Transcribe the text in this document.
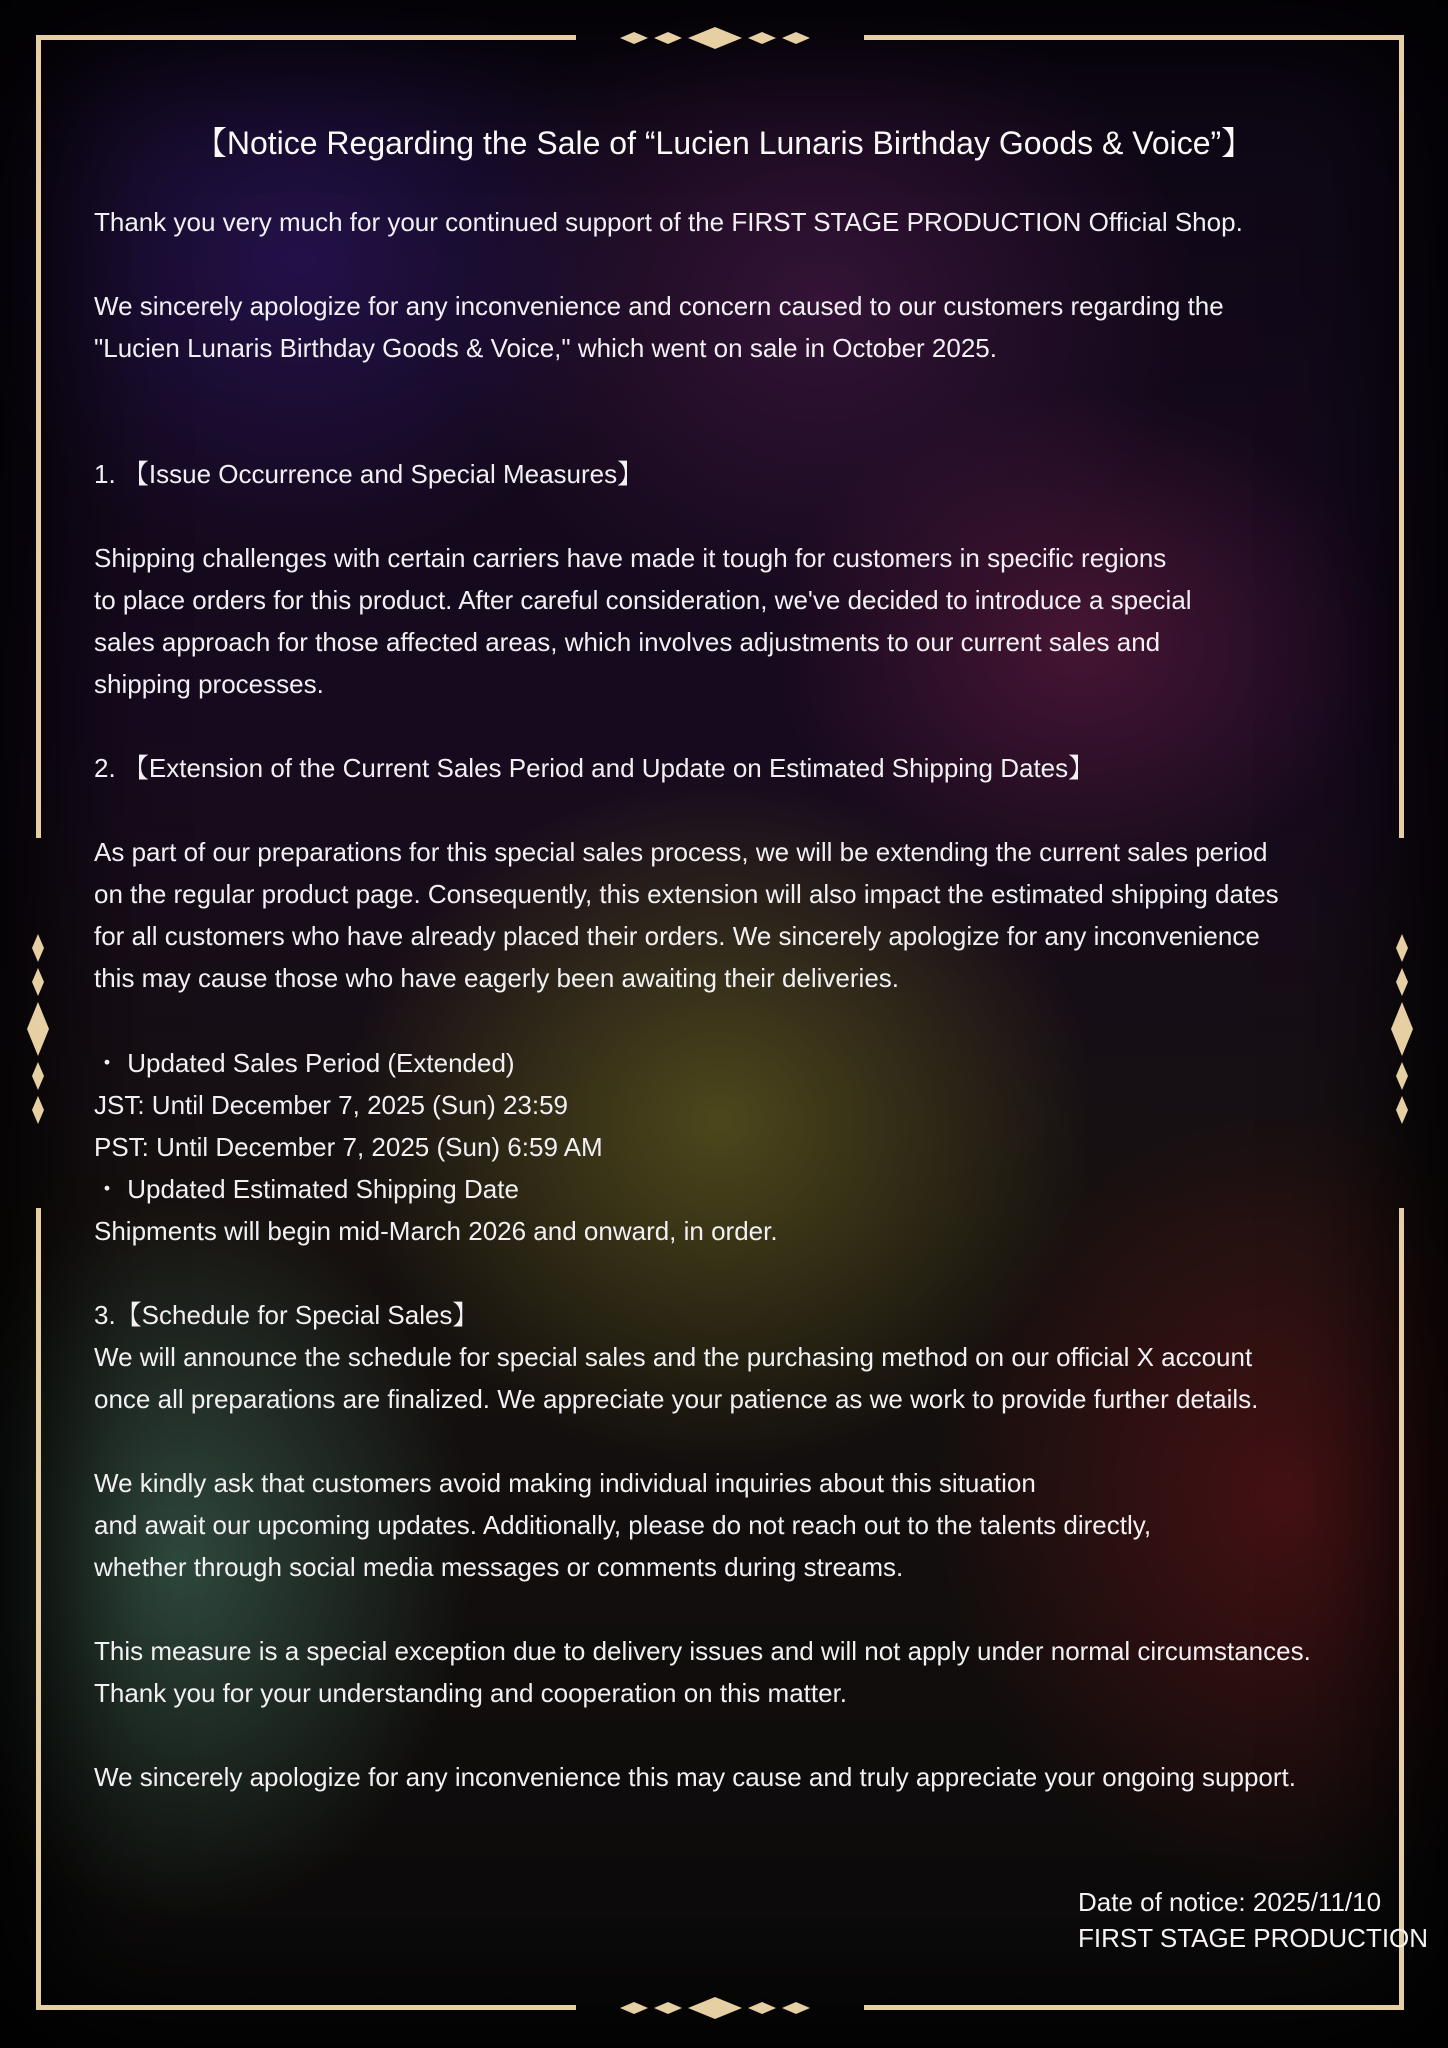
【Notice Regarding the Sale of “Lucien Lunaris Birthday Goods & Voice”】
Thank you very much for your continued support of the FIRST STAGE PRODUCTION Official Shop.
We sincerely apologize for any inconvenience and concern caused to our customers regarding the
"Lucien Lunaris Birthday Goods & Voice," which went on sale in October 2025.
1. 【Issue Occurrence and Special Measures】
Shipping challenges with certain carriers have made it tough for customers in specific regions
to place orders for this product. After careful consideration, we've decided to introduce a special
sales approach for those affected areas, which involves adjustments to our current sales and
shipping processes.
2. 【Extension of the Current Sales Period and Update on Estimated Shipping Dates】
As part of our preparations for this special sales process, we will be extending the current sales period
on the regular product page. Consequently, this extension will also impact the estimated shipping dates
for all customers who have already placed their orders. We sincerely apologize for any inconvenience
this may cause those who have eagerly been awaiting their deliveries.
・ Updated Sales Period (Extended)
JST: Until December 7, 2025 (Sun) 23:59
PST: Until December 7, 2025 (Sun) 6:59 AM
・ Updated Estimated Shipping Date
Shipments will begin mid-March 2026 and onward, in order.
3.【Schedule for Special Sales】
We will announce the schedule for special sales and the purchasing method on our official X account
once all preparations are finalized. We appreciate your patience as we work to provide further details.
We kindly ask that customers avoid making individual inquiries about this situation
and await our upcoming updates. Additionally, please do not reach out to the talents directly,
whether through social media messages or comments during streams.
This measure is a special exception due to delivery issues and will not apply under normal circumstances.
Thank you for your understanding and cooperation on this matter.
We sincerely apologize for any inconvenience this may cause and truly appreciate your ongoing support.
Date of notice: 2025/11/10
FIRST STAGE PRODUCTION
